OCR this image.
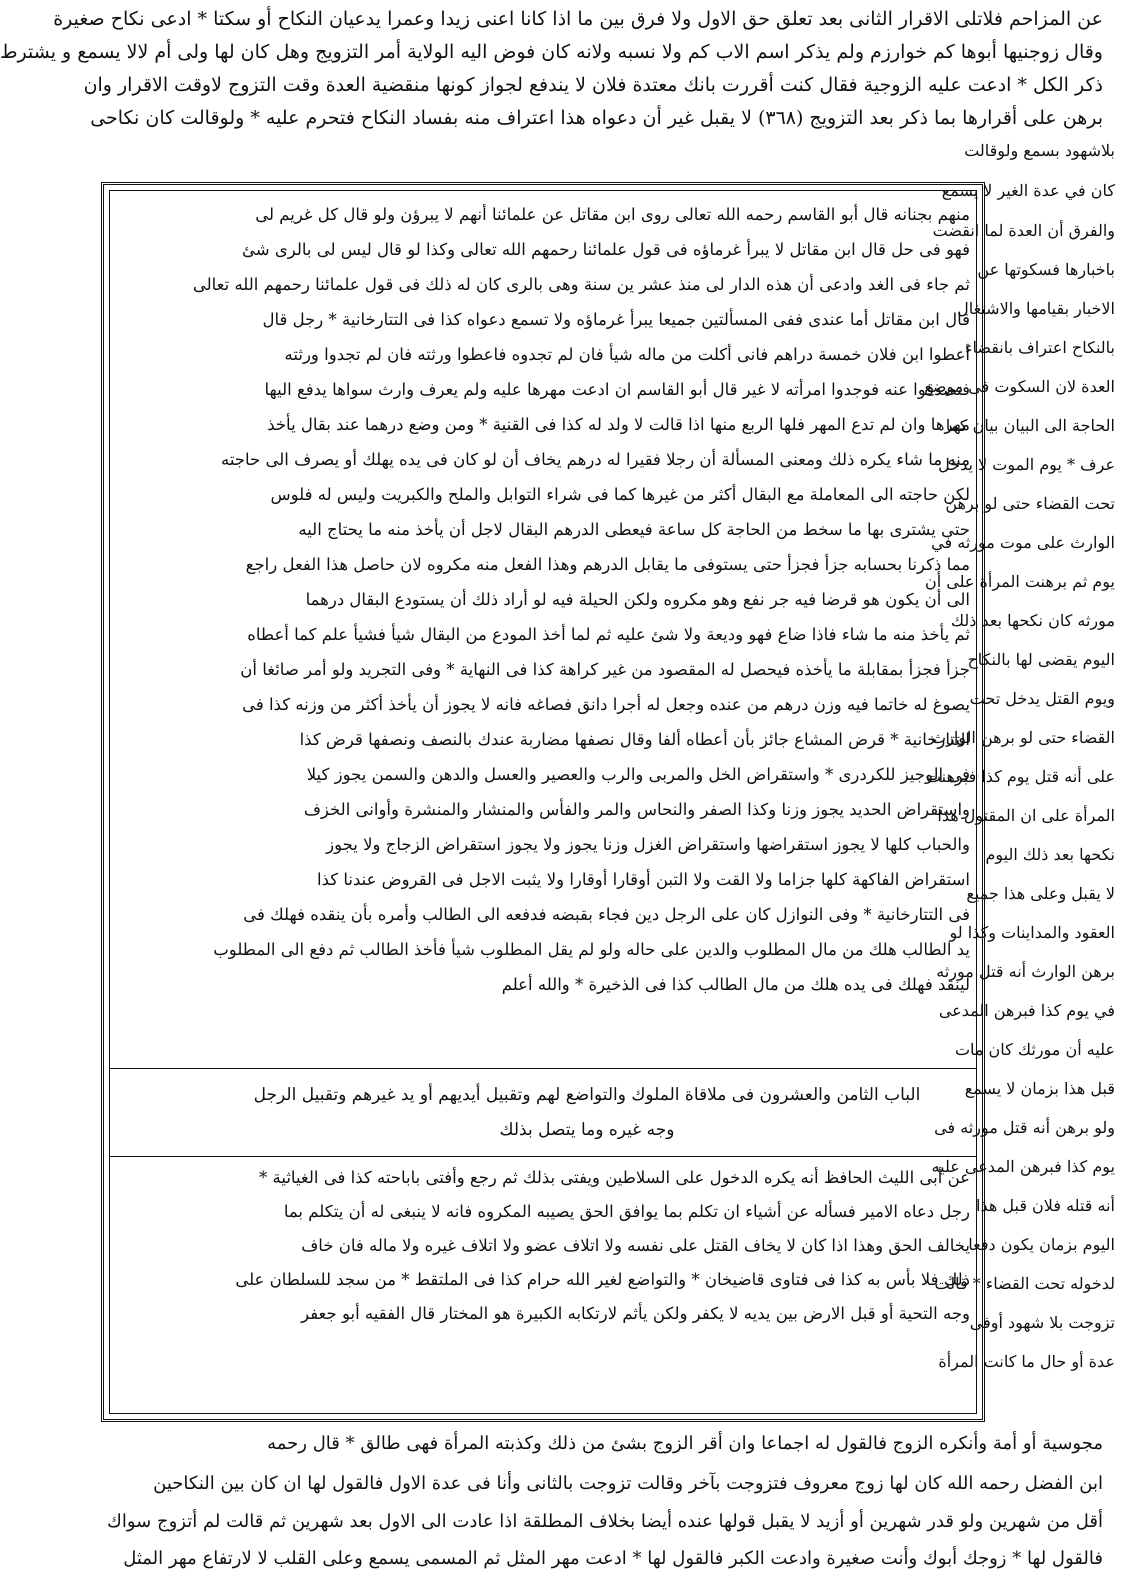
عن المزاحم فلاتلى الاقرار الثانى بعد تعلق حق الاول ولا فرق بين ما اذا كانا اعنى زيدا وعمرا يدعيان النكاح أو سكتا * ادعى نكاح صغيرة
وقال زوجنيها أبوها كم خوارزم ولم يذكر اسم الاب كم ولا نسبه ولانه كان فوض اليه الولاية أمر التزويج وهل كان لها ولى أم لالا يسمع و يشترط
ذكر الكل * ادعت عليه الزوجية فقال كنت أقررت بانك معتدة فلان لا يندفع لجواز كونها منقضية العدة وقت التزوج لاوقت الاقرار وان
برهن على أقرارها بما ذكر بعد التزويج (٣٦٨) لا يقبل غير أن دعواه هذا اعتراف منه بفساد النكاح فتحرم عليه * ولوقالت كان نكاحى
بلاشهود بسمع ولوقالت
كان في عدة الغير لا يسمع
والفرق أن العدة لما انقضت
باخبارها فسكوتها عن
الاخبار بقيامها والاشتغال
بالنكاح اعتراف بانقضاء
العدة لان السكوت فى موضع
الحاجة الى البيان بيان كما
عرف * يوم الموت لا يدخل
تحت القضاء حتى لو برهن
الوارث على موت مورثه في
يوم ثم برهنت المرأة على أن
مورثه كان نكحها بعد ذلك
اليوم يقضى لها بالنكاح
ويوم القتل يدخل تحت
القضاء حتى لو برهن الوارث
على أنه قتل يوم كذا فبرهنت
المرأة على ان المقتول هذا
نكحها بعد ذلك اليوم
لا يقبل وعلى هذا جميع
العقود والمداينات وكذا لو
برهن الوارث أنه قتل مورثه
في يوم كذا فبرهن المدعى
عليه أن مورثك كان مات
قبل هذا بزمان لا يسمع
ولو برهن أنه قتل مورثه فى
يوم كذا فبرهن المدعى عليه
أنه قتله فلان قبل هذا
اليوم بزمان يكون دفعا
لدخوله تحت القضاء * قالت
تزوجت بلا شهود أوفى
عدة أو حال ما كانت المرأة
منهم بجنانه قال أبو القاسم رحمه الله تعالى روى ابن مقاتل عن علمائنا أنهم لا يبرؤن ولو قال كل غريم لى
فهو فى حل قال ابن مقاتل لا يبرأ غرماؤه فى قول علمائنا رحمهم الله تعالى وكذا لو قال ليس لى بالرى شئ
ثم جاء فى الغد وادعى أن هذه الدار لى منذ عشر ين سنة وهى بالرى كان له ذلك فى قول علمائنا رحمهم الله تعالى
قال ابن مقاتل أما عندى ففى المسألتين جميعا يبرأ غرماؤه ولا تسمع دعواه كذا فى التتارخانية * رجل قال
أعطوا ابن فلان خمسة دراهم فانى أكلت من ماله شيأ فان لم تجدوه فاعطوا ورثته فان لم تجدوا ورثته
فتصدقوا عنه فوجدوا امرأته لا غير قال أبو القاسم ان ادعت مهرها عليه ولم يعرف وارث سواها يدفع اليها
مهرها وان لم تدع المهر فلها الربع منها اذا قالت لا ولد له كذا فى القنية * ومن وضع درهما عند بقال يأخذ
منه ما شاء يكره ذلك ومعنى المسألة أن رجلا فقيرا له درهم يخاف أن لو كان فى يده يهلك أو يصرف الى حاجته
لكن حاجته الى المعاملة مع البقال أكثر من غيرها كما فى شراء التوابل والملح والكبريت وليس له فلوس
حتى يشترى بها ما سخط من الحاجة كل ساعة فيعطى الدرهم البقال لاجل أن يأخذ منه ما يحتاج اليه
مما ذكرنا بحسابه جزأ فجزأ حتى يستوفى ما يقابل الدرهم وهذا الفعل منه مكروه لان حاصل هذا الفعل راجع
الى أن يكون هو قرضا فيه جر نفع وهو مكروه ولكن الحيلة فيه لو أراد ذلك أن يستودع البقال درهما
ثم يأخذ منه ما شاء فاذا ضاع فهو وديعة ولا شئ عليه ثم لما أخذ المودع من البقال شيأ فشيأ علم كما أعطاه
جزأ فجزأ بمقابلة ما يأخذه فيحصل له المقصود من غير كراهة كذا فى النهاية * وفى التجريد ولو أمر صائغا أن
يصوغ له خاتما فيه وزن درهم من عنده وجعل له أجرا دانق فصاغه فانه لا يجوز أن يأخذ أكثر من وزنه كذا فى
التتارخانية * قرض المشاع جائز بأن أعطاه ألفا وقال نصفها مضاربة عندك بالنصف ونصفها قرض كذا
فى الوجيز للكردرى * واستقراض الخل والمربى والرب والعصير والعسل والدهن والسمن يجوز كيلا
واستقراض الحديد يجوز وزنا وكذا الصفر والنحاس والمر والفأس والمنشار والمنشرة وأوانى الخزف
والحباب كلها لا يجوز استقراضها واستقراض الغزل وزنا يجوز ولا يجوز استقراض الزجاج ولا يجوز
استقراض الفاكهة كلها جزاما ولا القت ولا التبن أوقارا أوقارا ولا يثبت الاجل فى القروض عندنا كذا
فى التتارخانية * وفى النوازل كان على الرجل دين فجاء بقبضه فدفعه الى الطالب وأمره بأن ينقده فهلك فى
يد الطالب هلك من مال المطلوب والدين على حاله ولو لم يقل المطلوب شيأ فأخذ الطالب ثم دفع الى المطلوب
لينقد فهلك فى يده هلك من مال الطالب كذا فى الذخيرة * والله أعلم
الباب الثامن والعشرون فى ملاقاة الملوك والتواضع لهم وتقبيل أيديهم أو يد غيرهم وتقبيل الرجل
وجه غيره وما يتصل بذلك
عن أبى الليث الحافظ أنه يكره الدخول على السلاطين ويفتى بذلك ثم رجع وأفتى باباحته كذا فى الغياثية *
رجل دعاه الامير فسأله عن أشياء ان تكلم بما يوافق الحق يصيبه المكروه فانه لا ينبغى له أن يتكلم بما
يخالف الحق وهذا اذا كان لا يخاف القتل على نفسه ولا اتلاف عضو ولا اتلاف غيره ولا ماله فان خاف
ذلك فلا بأس به كذا فى فتاوى قاضيخان * والتواضع لغير الله حرام كذا فى الملتقط * من سجد للسلطان على
وجه التحية أو قبل الارض بين يديه لا يكفر ولكن يأثم لارتكابه الكبيرة هو المختار قال الفقيه أبو جعفر
مجوسية أو أمة وأنكره الزوج فالقول له اجماعا وان أقر الزوج بشئ من ذلك وكذبته المرأة فهى طالق * قال رحمه
ابن الفضل رحمه الله كان لها زوج معروف فتزوجت بآخر وقالت تزوجت بالثانى وأنا فى عدة الاول فالقول لها ان كان بين النكاحين
أقل من شهرين ولو قدر شهرين أو أزيد لا يقبل قولها عنده أيضا بخلاف المطلقة اذا عادت الى الاول بعد شهرين ثم قالت لم أتزوج سواك
فالقول لها * زوجك أبوك وأنت صغيرة وادعت الكبر فالقول لها * ادعت مهر المثل ثم المسمى يسمع وعلى القلب لا لارتفاع مهر المثل
